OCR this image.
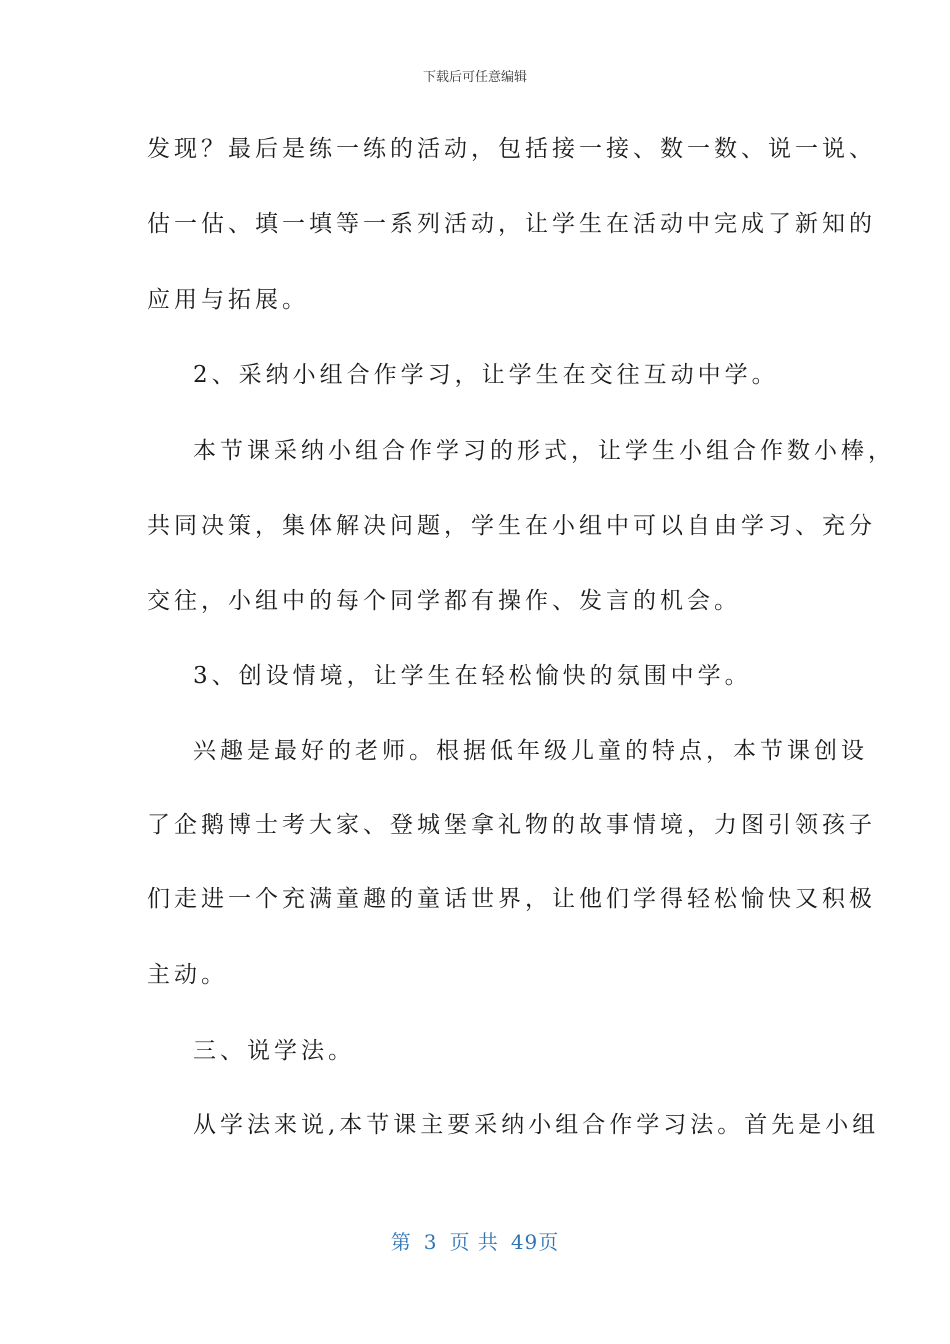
下载后可任意编辑
发现？最后是练一练的活动，包括接一接、数一数、说一说、
估一估、填一填等一系列活动，让学生在活动中完成了新知的
应用与拓展。
2、采纳小组合作学习，让学生在交往互动中学。
本节课采纳小组合作学习的形式，让学生小组合作数小棒，
共同决策，集体解决问题，学生在小组中可以自由学习、充分
交往，小组中的每个同学都有操作、发言的机会。
3、创设情境，让学生在轻松愉快的氛围中学。
兴趣是最好的老师。根据低年级儿童的特点，本节课创设
了企鹅博士考大家、登城堡拿礼物的故事情境，力图引领孩子
们走进一个充满童趣的童话世界，让他们学得轻松愉快又积极
主动。
三、说学法。
从学法来说,本节课主要采纳小组合作学习法。首先是小组
第 3 页 共 49页
